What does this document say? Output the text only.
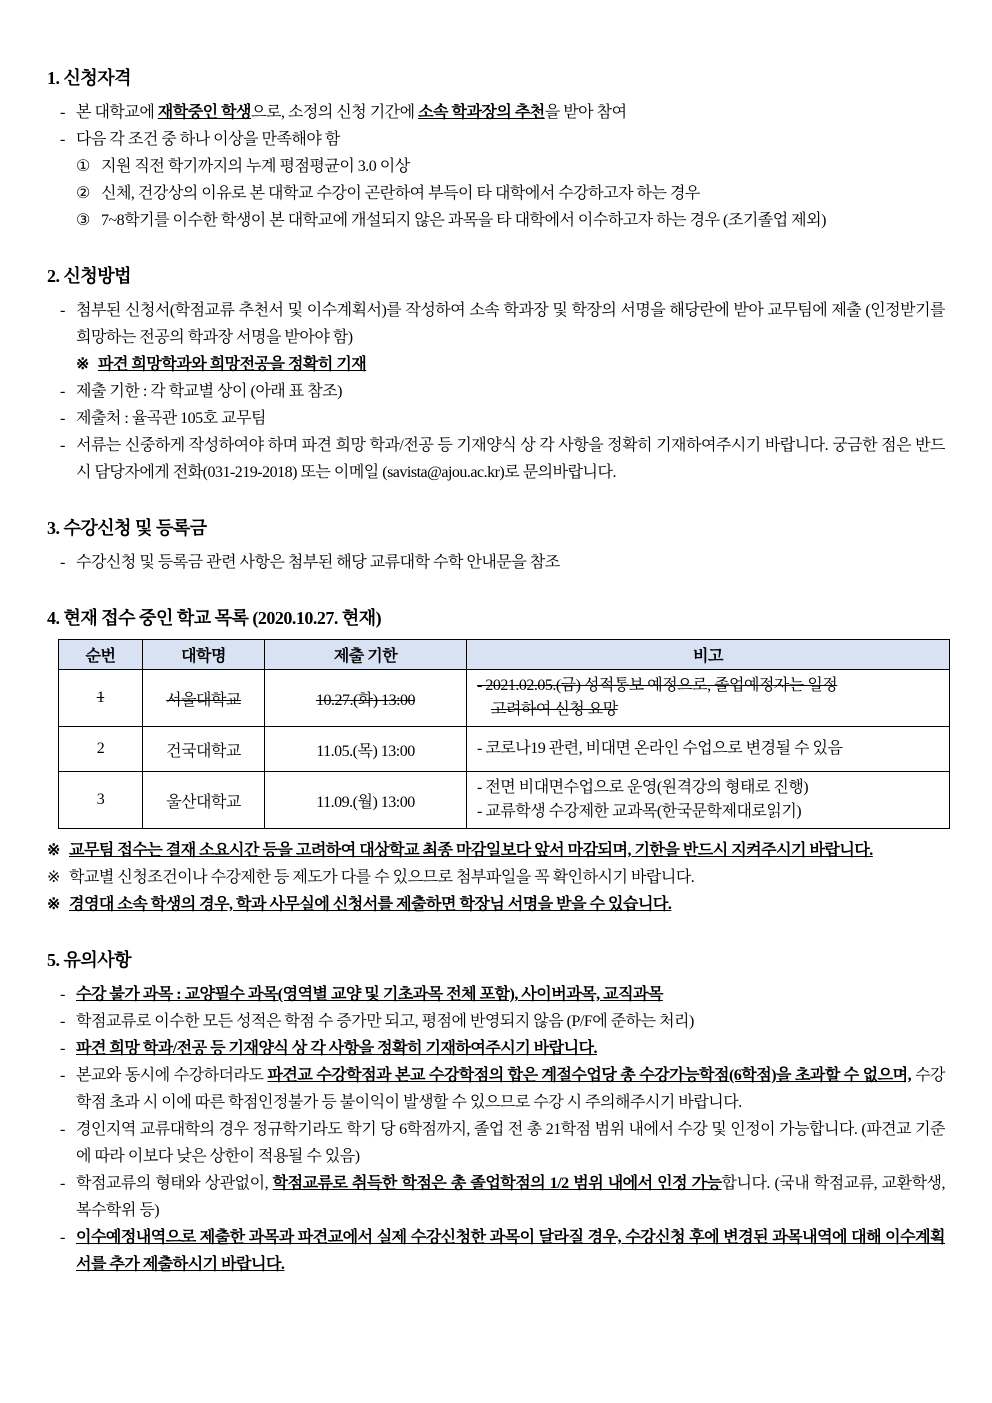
1. 신청자격
- 본 대학교에 재학중인 학생으로, 소정의 신청 기간에 소속 학과장의 추천을 받아 참여
- 다음 각 조건 중 하나 이상을 만족해야 함
① 지원 직전 학기까지의 누계 평점평균이 3.0 이상
② 신체, 건강상의 이유로 본 대학교 수강이 곤란하여 부득이 타 대학에서 수강하고자 하는 경우
③ 7~8학기를 이수한 학생이 본 대학교에 개설되지 않은 과목을 타 대학에서 이수하고자 하는 경우 (조기졸업 제외)
2. 신청방법
- 첨부된 신청서(학점교류 추천서 및 이수계획서)를 작성하여 소속 학과장 및 학장의 서명을 해당란에 받아 교무팀에 제출 (인정받기를 희망하는 전공의 학과장 서명을 받아야 함)
※ 파견 희망학과와 희망전공을 정확히 기재
- 제출 기한 : 각 학교별 상이 (아래 표 참조)
- 제출처 : 율곡관 105호 교무팀
- 서류는 신중하게 작성하여야 하며 파견 희망 학과/전공 등 기재양식 상 각 사항을 정확히 기재하여주시기 바랍니다. 궁금한 점은 반드시 담당자에게 전화(031-219-2018) 또는 이메일 (savista@ajou.ac.kr)로 문의바랍니다.
3. 수강신청 및 등록금
- 수강신청 및 등록금 관련 사항은 첨부된 해당 교류대학 수학 안내문을 참조
4. 현재 접수 중인 학교 목록 (2020.10.27. 현재)
순번	대학명	제출 기한	비고
1	서울대학교	10.27.(화) 13:00	- 2021.02.05.(금) 성적통보 예정으로, 졸업예정자는 일정
고려하여 신청 요망

2	건국대학교	11.05.(목) 13:00	- 코로나19 관련, 비대면 온라인 수업으로 변경될 수 있음

3	울산대학교	11.09.(월) 13:00	- 전면 비대면수업으로 운영(원격강의 형태로 진행)
- 교류학생 수강제한 교과목(한국문학제대로읽기)
※ 교무팀 접수는 결재 소요시간 등을 고려하여 대상학교 최종 마감일보다 앞서 마감되며, 기한을 반드시 지켜주시기 바랍니다.
※ 학교별 신청조건이나 수강제한 등 제도가 다를 수 있으므로 첨부파일을 꼭 확인하시기 바랍니다.
※ 경영대 소속 학생의 경우, 학과 사무실에 신청서를 제출하면 학장님 서명을 받을 수 있습니다.
5. 유의사항
- 수강 불가 과목 : 교양필수 과목(영역별 교양 및 기초과목 전체 포함), 사이버과목, 교직과목
- 학점교류로 이수한 모든 성적은 학점 수 증가만 되고, 평점에 반영되지 않음 (P/F에 준하는 처리)
- 파견 희망 학과/전공 등 기재양식 상 각 사항을 정확히 기재하여주시기 바랍니다.
- 본교와 동시에 수강하더라도 파견교 수강학점과 본교 수강학점의 합은 계절수업당 총 수강가능학점(6학점)을 초과할 수 없으며, 수강학점 초과 시 이에 따른 학점인정불가 등 불이익이 발생할 수 있으므로 수강 시 주의해주시기 바랍니다.
- 경인지역 교류대학의 경우 정규학기라도 학기 당 6학점까지, 졸업 전 총 21학점 범위 내에서 수강 및 인정이 가능합니다. (파견교 기준에 따라 이보다 낮은 상한이 적용될 수 있음)
- 학점교류의 형태와 상관없이, 학점교류로 취득한 학점은 총 졸업학점의 1/2 범위 내에서 인정 가능합니다. (국내 학점교류, 교환학생, 복수학위 등)
- 이수예정내역으로 제출한 과목과 파견교에서 실제 수강신청한 과목이 달라질 경우, 수강신청 후에 변경된 과목내역에 대해 이수계획서를 추가 제출하시기 바랍니다.
